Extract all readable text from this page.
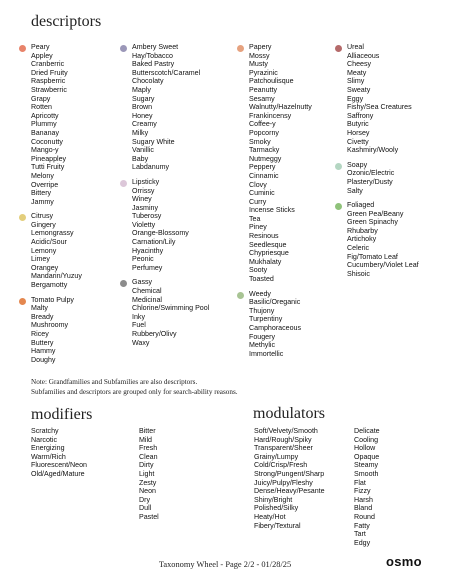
descriptors
Peary
Appley
Cranberric
Dried Fruity
Raspberric
Strawberric
Grapy
Rotten
Apricotty
Plummy
Bananay
Coconutty
Mango-y
Pineappley
Tutti Fruity
Melony
Overripe
Bittery
Jammy
Citrusy
Gingery
Lemongrassy
Acidic/Sour
Lemony
Limey
Orangey
Mandarin/Yuzuy
Bergamotty
Tomato Pulpy
Malty
Bready
Mushroomy
Ricey
Buttery
Hammy
Doughy
Ambery Sweet
Hay/Tobacco
Baked Pastry
Butterscotch/Caramel
Chocolaty
Maply
Sugary
Brown
Honey
Creamy
Milky
Sugary White
Vanillic
Baby
Labdanumy
Lipsticky
Orrissy
Winey
Jasminy
Tuberosy
Violetty
Orange-Blossomy
Carnation/Lily
Hyacinthy
Peonic
Perfumey
Gassy
Chemical
Medicinal
Chlorine/Swimming Pool
Inky
Fuel
Rubbery/Olivy
Waxy
Papery
Mossy
Musty
Pyrazinic
Patchoulisque
Peanutty
Sesamy
Walnutty/Hazelnutty
Frankincensy
Coffee-y
Popcorny
Smoky
Tarmacky
Nutmeggy
Peppery
Cinnamic
Clovy
Cuminic
Curry
Incense Sticks
Tea
Piney
Resinous
Seedlesque
Chypriesque
Mukhalaty
Sooty
Toasted
Weedy
Basilic/Oreganic
Thujony
Turpentiny
Camphoraceous
Fougery
Methylic
Immortellic
Ureal
Alliaceous
Cheesy
Meaty
Slimy
Sweaty
Eggy
Fishy/Sea Creatures
Saffrony
Butyric
Horsey
Civetty
Kashmiry/Wooly
Soapy
Ozonic/Electric
Plastery/Dusty
Salty
Foliaged
Green Pea/Beany
Green Spinachy
Rhubarby
Artichoky
Celeric
Fig/Tomato Leaf
Cucumbery/Violet Leaf
Shisoic
Note: Grandfamilies and Subfamilies are also descriptors.
Subfamilies and descriptors are grouped only for search-ability reasons.
modifiers	modulators
Scratchy
Narcotic
Energizing
Warm/Rich
Fluorescent/Neon
Old/Aged/Mature
Bitter
Mild
Fresh
Clean
Dirty
Light
Zesty
Neon
Dry
Dull
Pastel
Soft/Velvety/Smooth
Hard/Rough/Spiky
Transparent/Sheer
Grainy/Lumpy
Cold/Crisp/Fresh
Strong/Pungent/Sharp
Juicy/Pulpy/Fleshy
Dense/Heavy/Pesante
Shiny/Bright
Polished/Silky
Heaty/Hot
Fibery/Textural
Delicate
Cooling
Hollow
Opaque
Steamy
Smooth
Flat
Fizzy
Harsh
Bland
Round
Fatty
Tart
Edgy
Taxonomy Wheel - Page 2/2 - 01/28/25	osmo
